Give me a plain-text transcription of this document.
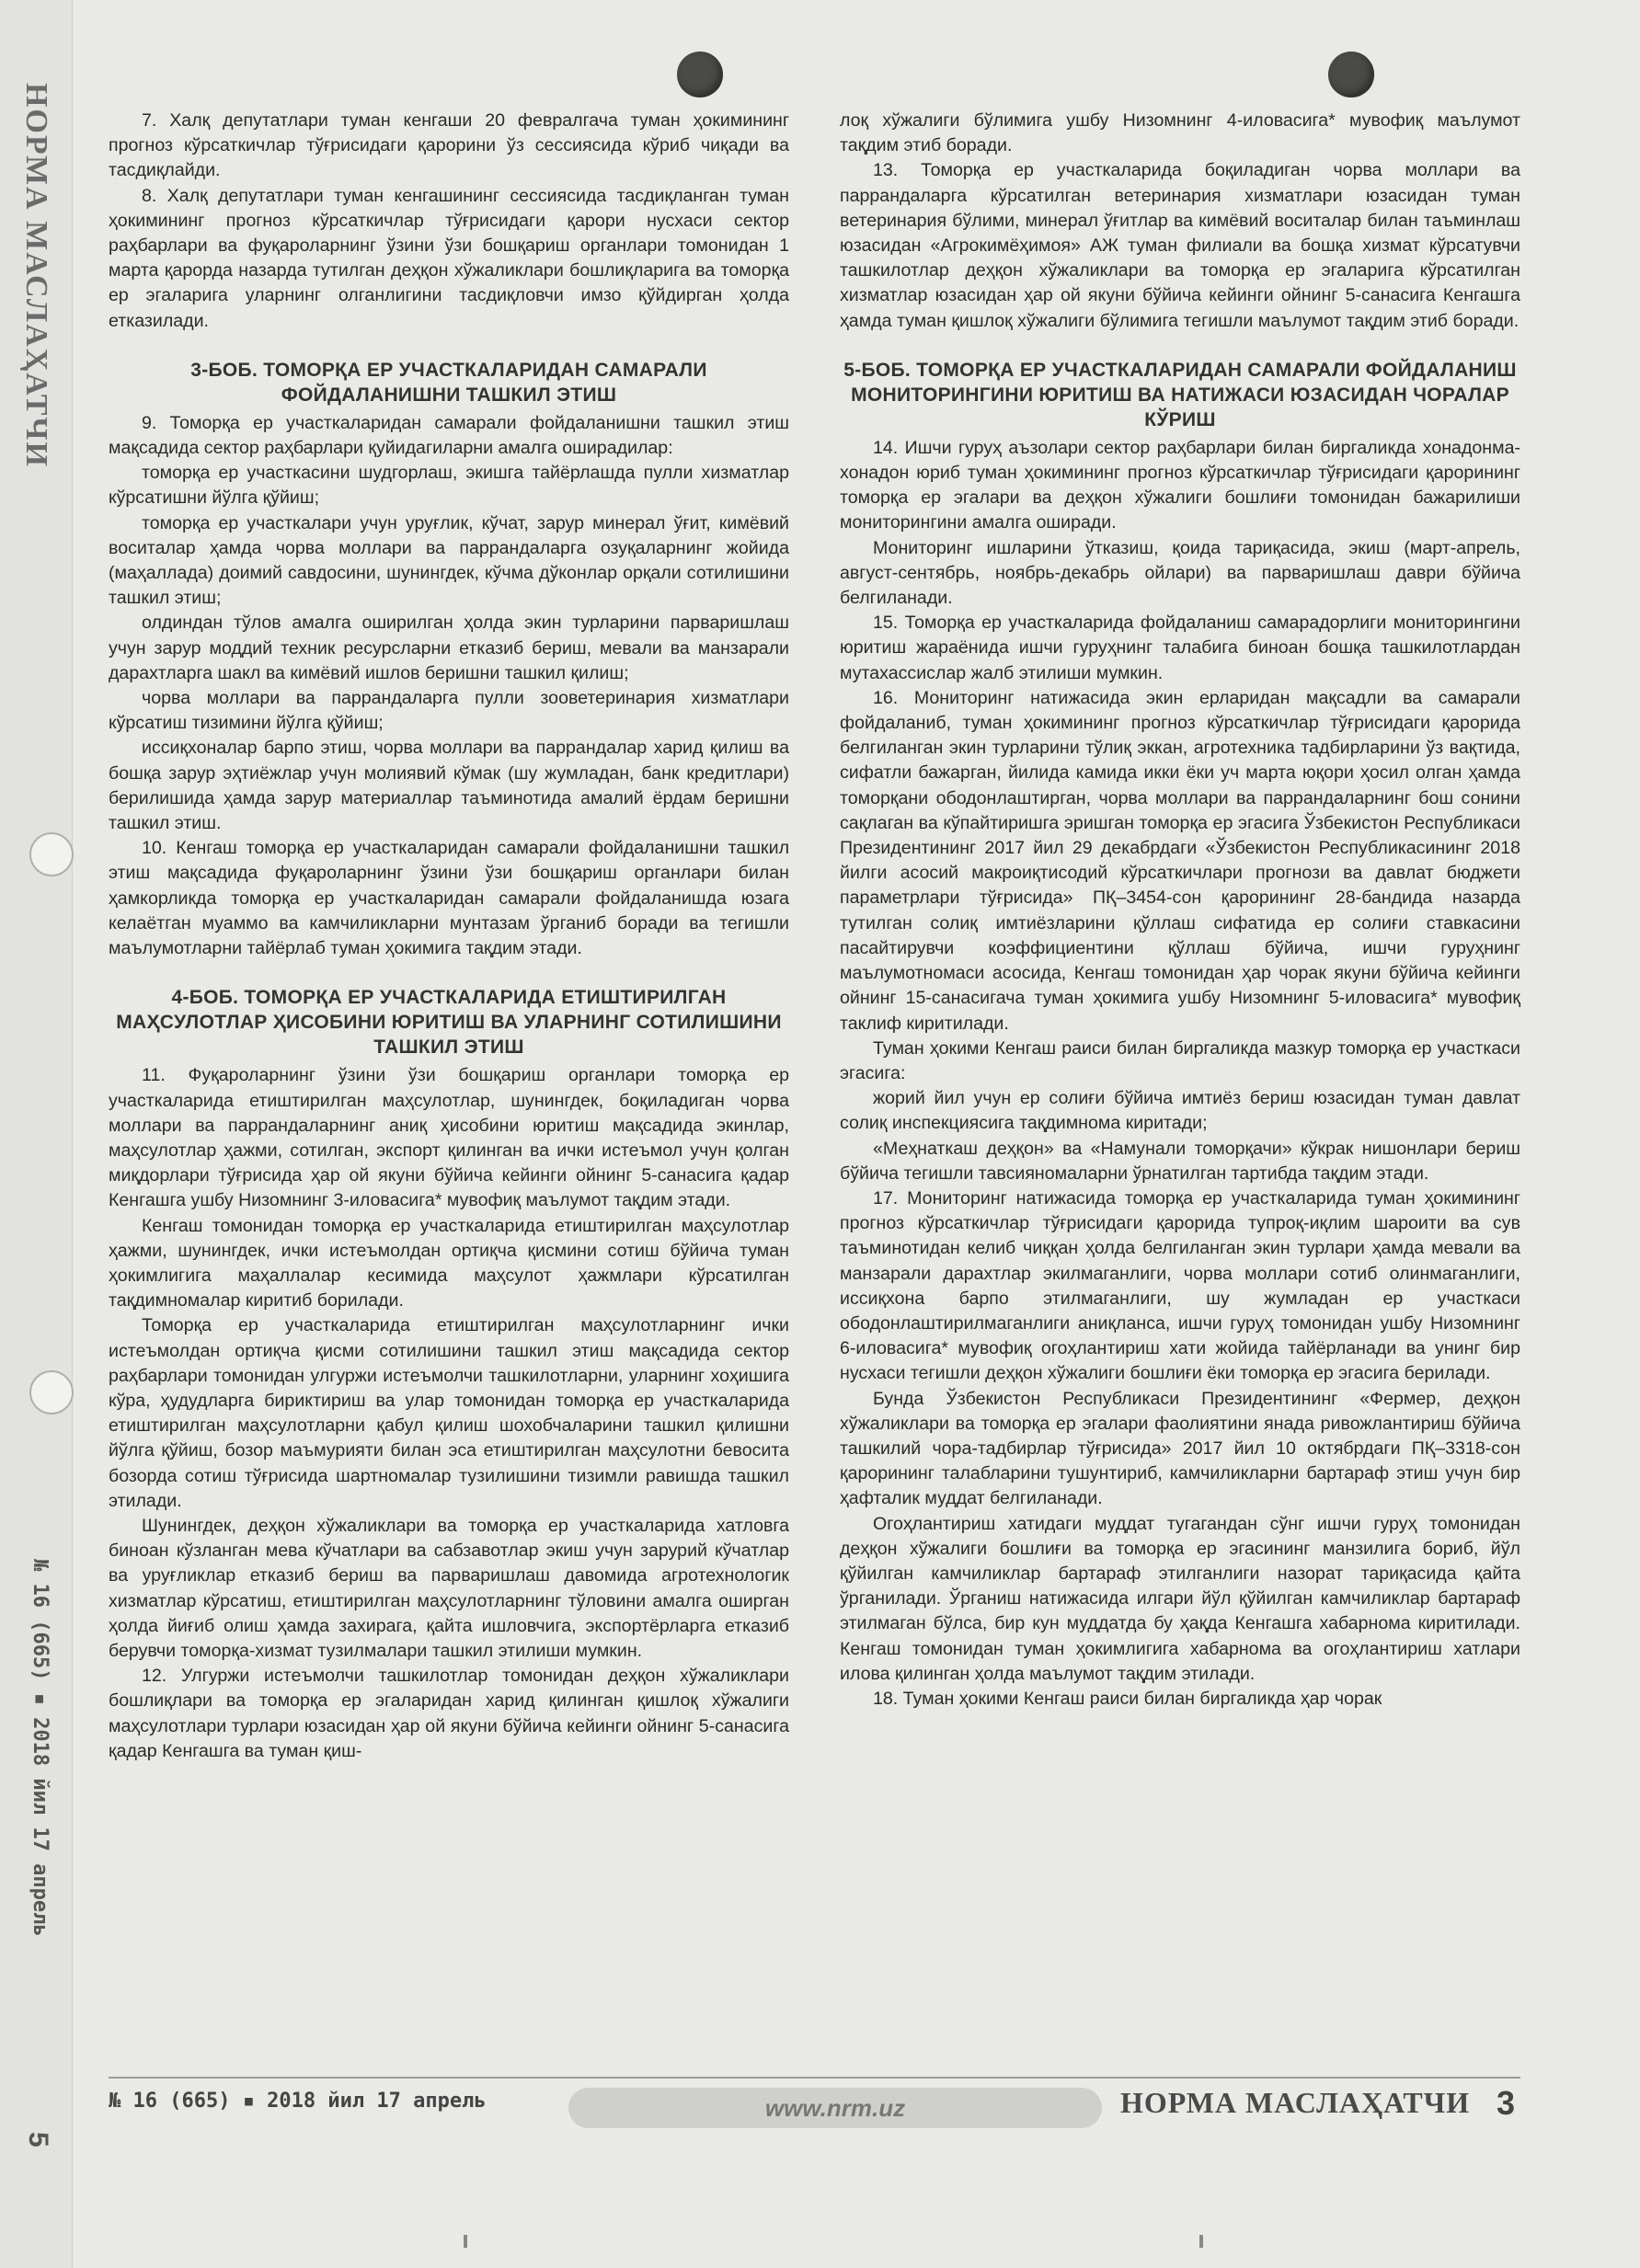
НОРМА МАСЛАҲАТЧИ
№ 16 (665) ▪ 2018 йил 17 апрель
5

7. Халқ депутатлари туман кенгаши 20 февралгача туман ҳокимининг прогноз кўрсаткичлар тўғрисидаги қарорини ўз сессиясида кўриб чиқади ва тасдиқлайди.

8. Халқ депутатлари туман кенгашининг сессиясида тасдиқланган туман ҳокимининг прогноз кўрсаткичлар тўғрисидаги қарори нусхаси сектор раҳбарлари ва фуқароларнинг ўзини ўзи бошқариш органлари томонидан 1 марта қарорда назарда тутилган деҳқон хўжаликлари бошлиқларига ва томорқа ер эгаларига уларнинг олганлигини тасдиқловчи имзо қўйдирган ҳолда етказилади.

3-БОБ. ТОМОРҚА ЕР УЧАСТКАЛАРИДАН САМАРАЛИ ФОЙДАЛАНИШНИ ТАШКИЛ ЭТИШ

9. Томорқа ер участкаларидан самарали фойдаланишни ташкил этиш мақсадида сектор раҳбарлари қуйидагиларни амалга оширадилар:

томорқа ер участкасини шудгорлаш, экишга тайёрлашда пулли хизматлар кўрсатишни йўлга қўйиш;

томорқа ер участкалари учун уруғлик, кўчат, зарур минерал ўғит, кимёвий воситалар ҳамда чорва моллари ва паррандаларга озуқаларнинг жойида (маҳаллада) доимий савдосини, шунингдек, кўчма дўконлар орқали сотилишини ташкил этиш;

олдиндан тўлов амалга оширилган ҳолда экин турларини парваришлаш учун зарур моддий техник ресурсларни етказиб бериш, мевали ва манзарали дарахтларга шакл ва кимёвий ишлов беришни ташкил қилиш;

чорва моллари ва паррандаларга пулли зооветеринария хизматлари кўрсатиш тизимини йўлга қўйиш;

иссиқхоналар барпо этиш, чорва моллари ва паррандалар харид қилиш ва бошқа зарур эҳтиёжлар учун молиявий кўмак (шу жумладан, банк кредитлари) берилишида ҳамда зарур материаллар таъминотида амалий ёрдам беришни ташкил этиш.

10. Кенгаш томорқа ер участкаларидан самарали фойдаланишни ташкил этиш мақсадида фуқароларнинг ўзини ўзи бошқариш органлари билан ҳамкорликда томорқа ер участкаларидан самарали фойдаланишда юзага келаётган муаммо ва камчиликларни мунтазам ўрганиб боради ва тегишли маълумотларни тайёрлаб туман ҳокимига тақдим этади.

4-БОБ. ТОМОРҚА ЕР УЧАСТКАЛАРИДА ЕТИШТИРИЛГАН МАҲСУЛОТЛАР ҲИСОБИНИ ЮРИТИШ ВА УЛАРНИНГ СОТИЛИШИНИ ТАШКИЛ ЭТИШ

11. Фуқароларнинг ўзини ўзи бошқариш органлари томорқа ер участкаларида етиштирилган маҳсулотлар, шунингдек, боқиладиган чорва моллари ва паррандаларнинг аниқ ҳисобини юритиш мақсадида экинлар, маҳсулотлар ҳажми, сотилган, экспорт қилинган ва ички истеъмол учун қолган миқдорлари тўғрисида ҳар ой якуни бўйича кейинги ойнинг 5-санасига қадар Кенгашга ушбу Низомнинг 3-иловасига* мувофиқ маълумот тақдим этади.

Кенгаш томонидан томорқа ер участкаларида етиштирилган маҳсулотлар ҳажми, шунингдек, ички истеъмолдан ортиқча қисмини сотиш бўйича туман ҳокимлигига маҳаллалар кесимида маҳсулот ҳажмлари кўрсатилган тақдимномалар киритиб борилади.

Томорқа ер участкаларида етиштирилган маҳсулотларнинг ички истеъмолдан ортиқча қисми сотилишини ташкил этиш мақсадида сектор раҳбарлари томонидан улгуржи истеъмолчи ташкилотларни, уларнинг хоҳишига кўра, ҳудудларга бириктириш ва улар томонидан томорқа ер участкаларида етиштирилган маҳсулотларни қабул қилиш шохобчаларини ташкил қилишни йўлга қўйиш, бозор маъмурияти билан эса етиштирилган маҳсулотни бевосита бозорда сотиш тўғрисида шартномалар тузилишини тизимли равишда ташкил этилади.

Шунингдек, деҳқон хўжаликлари ва томорқа ер участкаларида хатловга биноан кўзланган мева кўчатлари ва сабзавотлар экиш учун зарурий кўчатлар ва уруғликлар етказиб бериш ва парваришлаш давомида агротехнологик хизматлар кўрсатиш, етиштирилган маҳсулотларнинг тўловини амалга оширган ҳолда йиғиб олиш ҳамда захирага, қайта ишловчига, экспортёрларга етказиб берувчи томорқа-хизмат тузилмалари ташкил этилиши мумкин.

12. Улгуржи истеъмолчи ташкилотлар томонидан деҳқон хўжаликлари бошлиқлари ва томорқа ер эгаларидан харид қилинган қишлоқ хўжалиги маҳсулотлари турлари юзасидан ҳар ой якуни бўйича кейинги ойнинг 5-санасига қадар Кенгашга ва туман қиш-

лоқ хўжалиги бўлимига ушбу Низомнинг 4-иловасига* мувофиқ маълумот тақдим этиб боради.

13. Томорқа ер участкаларида боқиладиган чорва моллари ва паррандаларга кўрсатилган ветеринария хизматлари юзасидан туман ветеринария бўлими, минерал ўғитлар ва кимёвий воситалар билан таъминлаш юзасидан «Агрокимёҳимоя» АЖ туман филиали ва бошқа хизмат кўрсатувчи ташкилотлар деҳқон хўжаликлари ва томорқа ер эгаларига кўрсатилган хизматлар юзасидан ҳар ой якуни бўйича кейинги ойнинг 5-санасига Кенгашга ҳамда туман қишлоқ хўжалиги бўлимига тегишли маълумот тақдим этиб боради.

5-БОБ. ТОМОРҚА ЕР УЧАСТКАЛАРИДАН САМАРАЛИ ФОЙДАЛАНИШ МОНИТОРИНГИНИ ЮРИТИШ ВА НАТИЖАСИ ЮЗАСИДАН ЧОРАЛАР КЎРИШ

14. Ишчи гуруҳ аъзолари сектор раҳбарлари билан биргаликда хонадонма-хонадон юриб туман ҳокимининг прогноз кўрсаткичлар тўғрисидаги қарорининг томорқа ер эгалари ва деҳқон хўжалиги бошлиғи томонидан бажарилиши мониторингини амалга оширади.

Мониторинг ишларини ўтказиш, қоида тариқасида, экиш (март-апрель, август-сентябрь, ноябрь-декабрь ойлари) ва парваришлаш даври бўйича белгиланади.

15. Томорқа ер участкаларида фойдаланиш самарадорлиги мониторингини юритиш жараёнида ишчи гуруҳнинг талабига биноан бошқа ташкилотлардан мутахассислар жалб этилиши мумкин.

16. Мониторинг натижасида экин ерларидан мақсадли ва самарали фойдаланиб, туман ҳокимининг прогноз кўрсаткичлар тўғрисидаги қарорида белгиланган экин турларини тўлиқ эккан, агротехника тадбирларини ўз вақтида, сифатли бажарган, йилида камида икки ёки уч марта юқори ҳосил олган ҳамда томорқани ободонлаштирган, чорва моллари ва паррандаларнинг бош сонини сақлаган ва кўпайтиришга эришган томорқа ер эгасига Ўзбекистон Республикаси Президентининг 2017 йил 29 декабрдаги «Ўзбекистон Республикасининг 2018 йилги асосий макроиқтисодий кўрсаткичлари прогнози ва давлат бюджети параметрлари тўғрисида» ПҚ–3454-сон қарорининг 28-бандида назарда тутилган солиқ имтиёзларини қўллаш сифатида ер солиғи ставкасини пасайтирувчи коэффициентини қўллаш бўйича, ишчи гуруҳнинг маълумотномаси асосида, Кенгаш томонидан ҳар чорак якуни бўйича кейинги ойнинг 15-санасигача туман ҳокимига ушбу Низомнинг 5-иловасига* мувофиқ таклиф киритилади.

Туман ҳокими Кенгаш раиси билан биргаликда мазкур томорқа ер участкаси эгасига:

жорий йил учун ер солиғи бўйича имтиёз бериш юзасидан туман давлат солиқ инспекциясига тақдимнома киритади;

«Меҳнаткаш деҳқон» ва «Намунали томорқачи» кўкрак нишонлари бериш бўйича тегишли тавсияномаларни ўрнатилган тартибда тақдим этади.

17. Мониторинг натижасида томорқа ер участкаларида туман ҳокимининг прогноз кўрсаткичлар тўғрисидаги қарорида тупроқ-иқлим шароити ва сув таъминотидан келиб чиққан ҳолда белгиланган экин турлари ҳамда мевали ва манзарали дарахтлар экилмаганлиги, чорва моллари сотиб олинмаганлиги, иссиқхона барпо этилмаганлиги, шу жумладан ер участкаси ободонлаштирилмаганлиги аниқланса, ишчи гуруҳ томонидан ушбу Низомнинг 6-иловасига* мувофиқ огоҳлантириш хати жойида тайёрланади ва унинг бир нусхаси тегишли деҳқон хўжалиги бошлиғи ёки томорқа ер эгасига берилади.

Бунда Ўзбекистон Республикаси Президентининг «Фермер, деҳқон хўжаликлари ва томорқа ер эгалари фаолиятини янада ривожлантириш бўйича ташкилий чора-тадбирлар тўғрисида» 2017 йил 10 октябрдаги ПҚ–3318-сон қарорининг талабларини тушунтириб, камчиликларни бартараф этиш учун бир ҳафталик муддат белгиланади.

Огоҳлантириш хатидаги муддат тугагандан сўнг ишчи гуруҳ томонидан деҳқон хўжалиги бошлиғи ва томорқа ер эгасининг манзилига бориб, йўл қўйилган камчиликлар бартараф этилганлиги назорат тариқасида қайта ўрганилади. Ўрганиш натижасида илгари йўл қўйилган камчиликлар бартараф этилмаган бўлса, бир кун муддатда бу ҳақда Кенгашга хабарнома киритилади. Кенгаш томонидан туман ҳокимлигига хабарнома ва огоҳлантириш хатлари илова қилинган ҳолда маълумот тақдим этилади.

18. Туман ҳокими Кенгаш раиси билан биргаликда ҳар чорак

№ 16 (665) ▪ 2018 йил 17 апрель	www.nrm.uz	НОРМА МАСЛАҲАТЧИ 3
